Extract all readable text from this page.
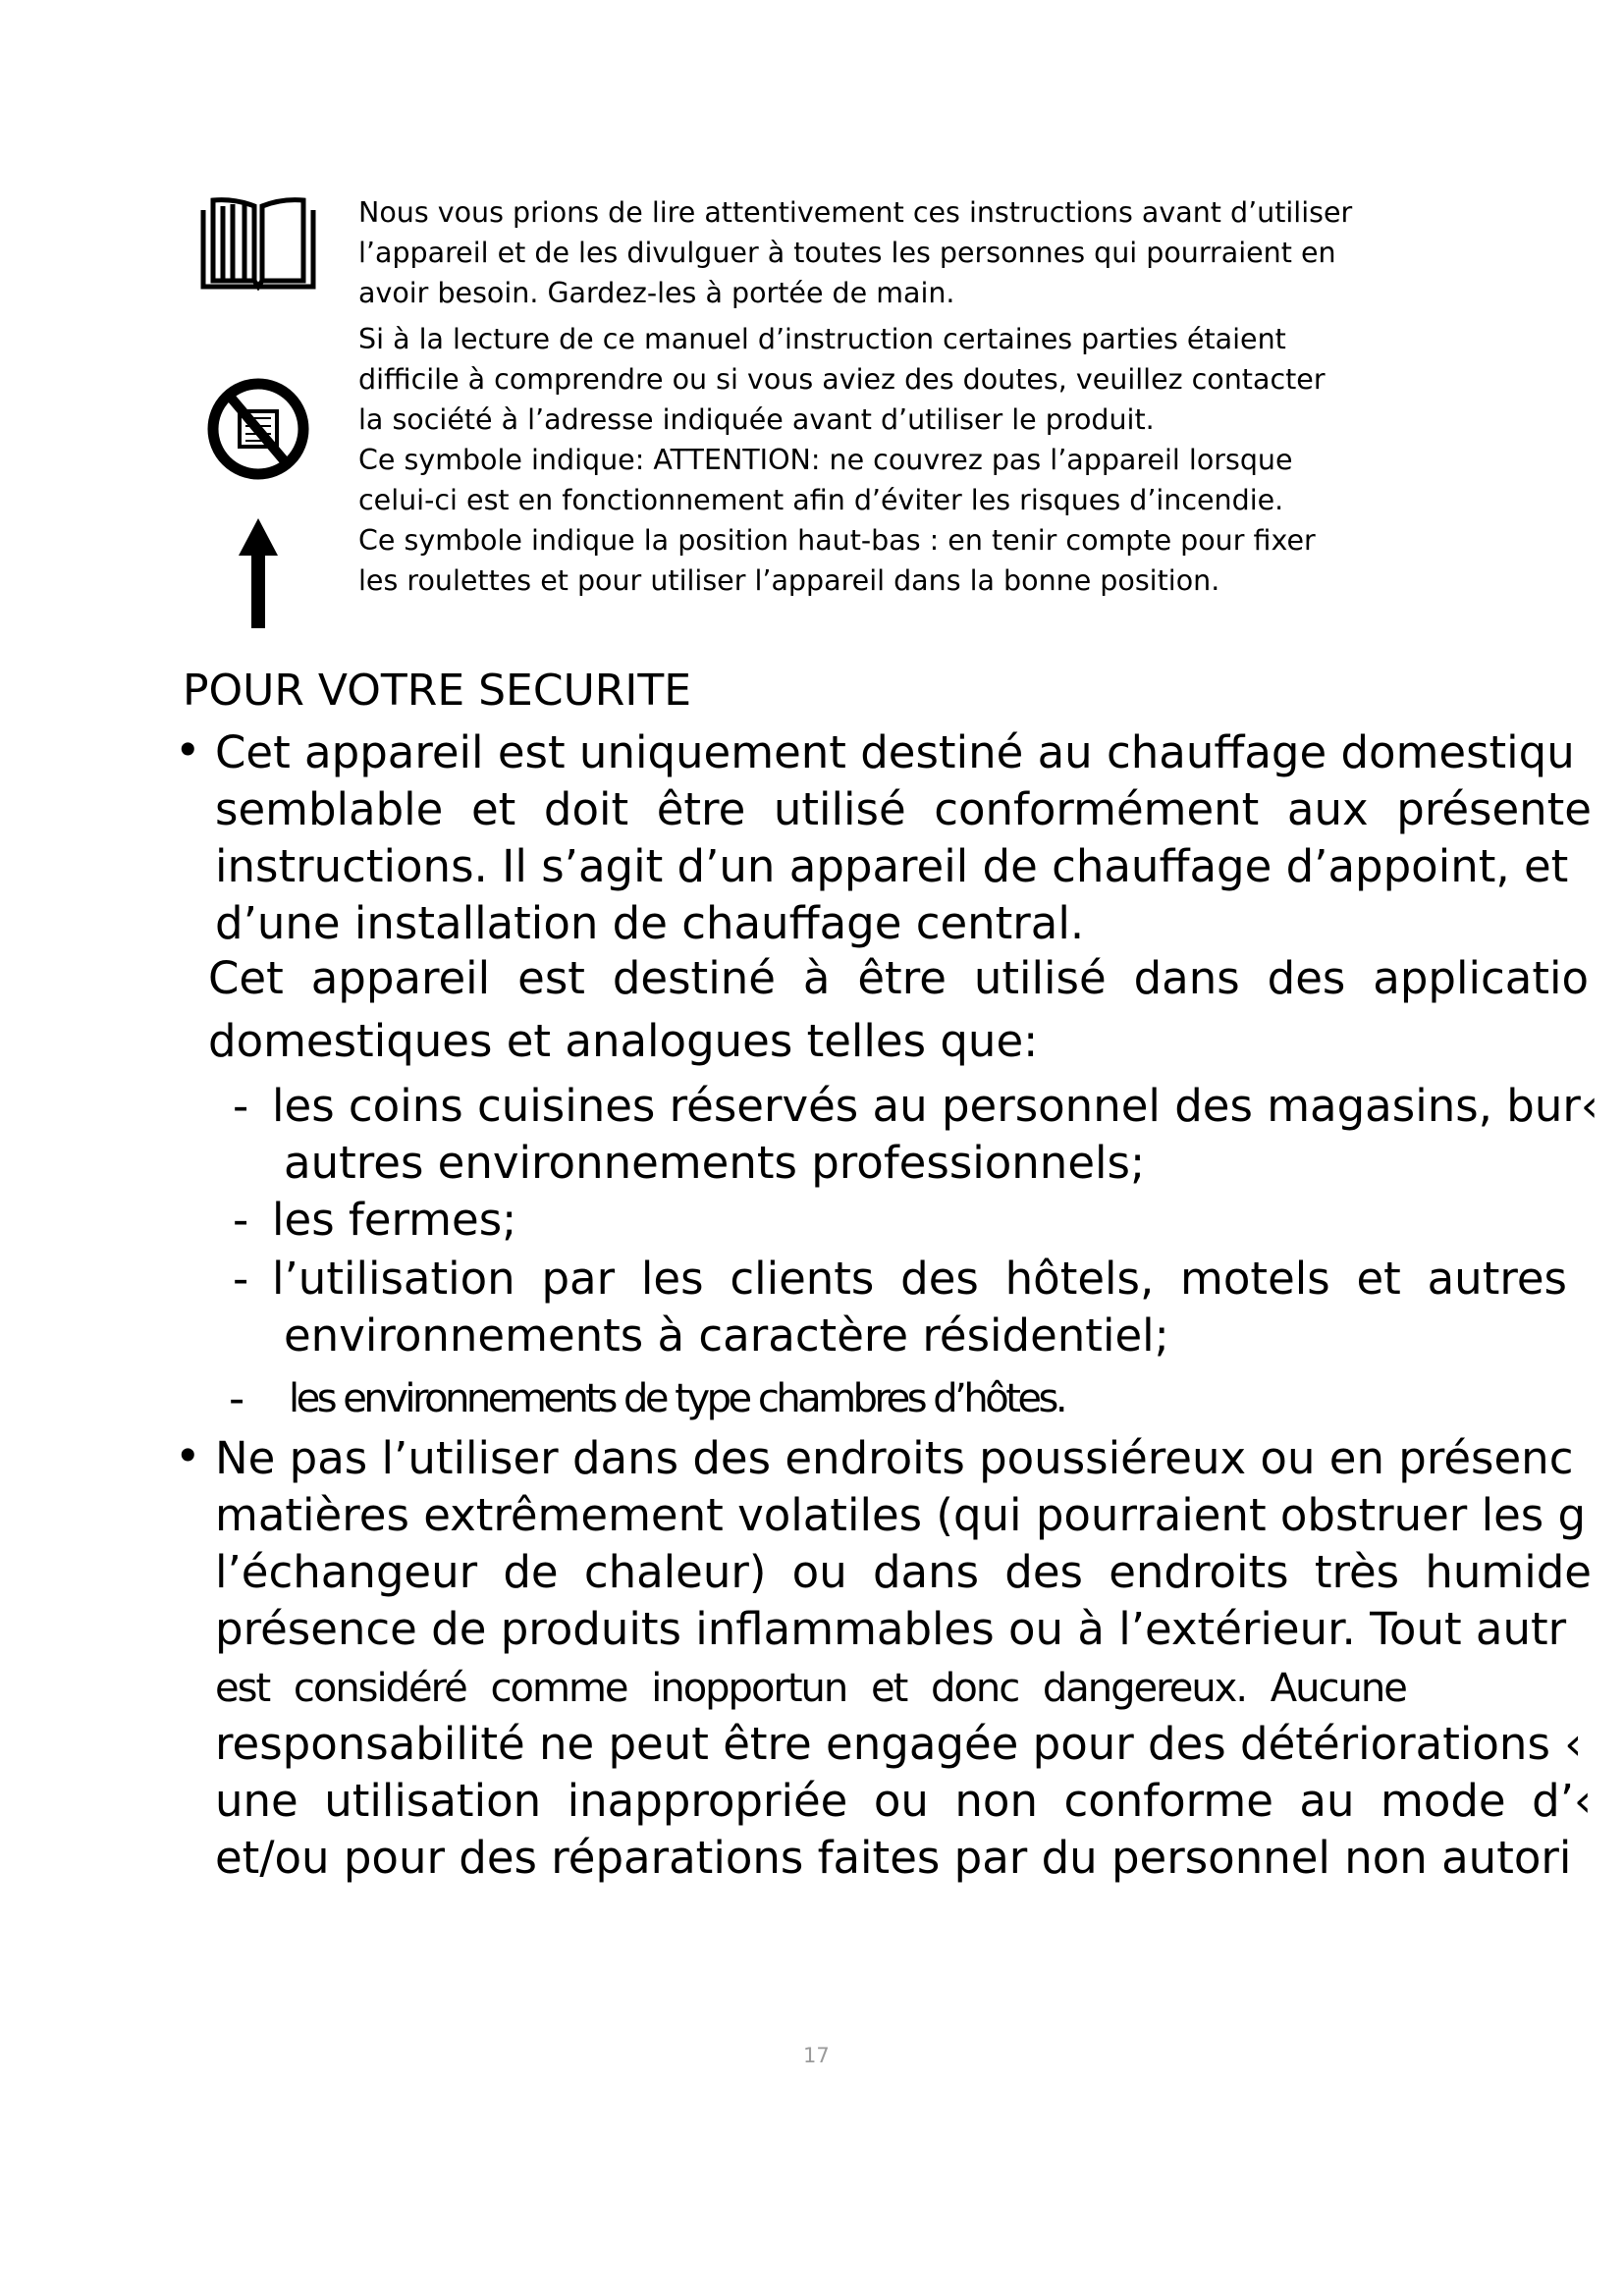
Nous vous prions de lire attentivement ces instructions avant d’utiliser
l’appareil et de les divulguer à toutes les personnes qui pourraient en
avoir besoin. Gardez-les à portée de main.
Si à la lecture de ce manuel d’instruction certaines parties étaient
difficile à comprendre ou si vous aviez des doutes, veuillez contacter
la société à l’adresse indiquée avant d’utiliser le produit.
Ce symbole indique: ATTENTION: ne couvrez pas l’appareil lorsque
celui-ci est en fonctionnement afin d’éviter les risques d’incendie.
Ce symbole indique la position haut-bas : en tenir compte pour fixer
les roulettes et pour utiliser l’appareil dans la bonne position.
POUR VOTRE SECURITE
• Cet appareil est uniquement destiné au chauffage domestiqu
semblable et doit être utilisé conformément aux présente
instructions. Il s’agit d’un appareil de chauffage d’appoint, et
d’une installation de chauffage central.
Cet appareil est destiné à être utilisé dans des applicatio
domestiques et analogues telles que:
- les coins cuisines réservés au personnel des magasins, bur‹
autres environnements professionnels;
- les fermes;
- l’utilisation par les clients des hôtels, motels et autres
environnements à caractère résidentiel;
- les environnements de type chambres d’hôtes.
• Ne pas l’utiliser dans des endroits poussiéreux ou en présenc
matières extrêmement volatiles (qui pourraient obstruer les g
l’échangeur de chaleur) ou dans des endroits très humide
présence de produits inflammables ou à l’extérieur. Tout autr
est considéré comme inopportun et donc dangereux. Aucune
responsabilité ne peut être engagée pour des détériorations ‹
une utilisation inappropriée ou non conforme au mode d’‹
et/ou pour des réparations faites par du personnel non autori
17
